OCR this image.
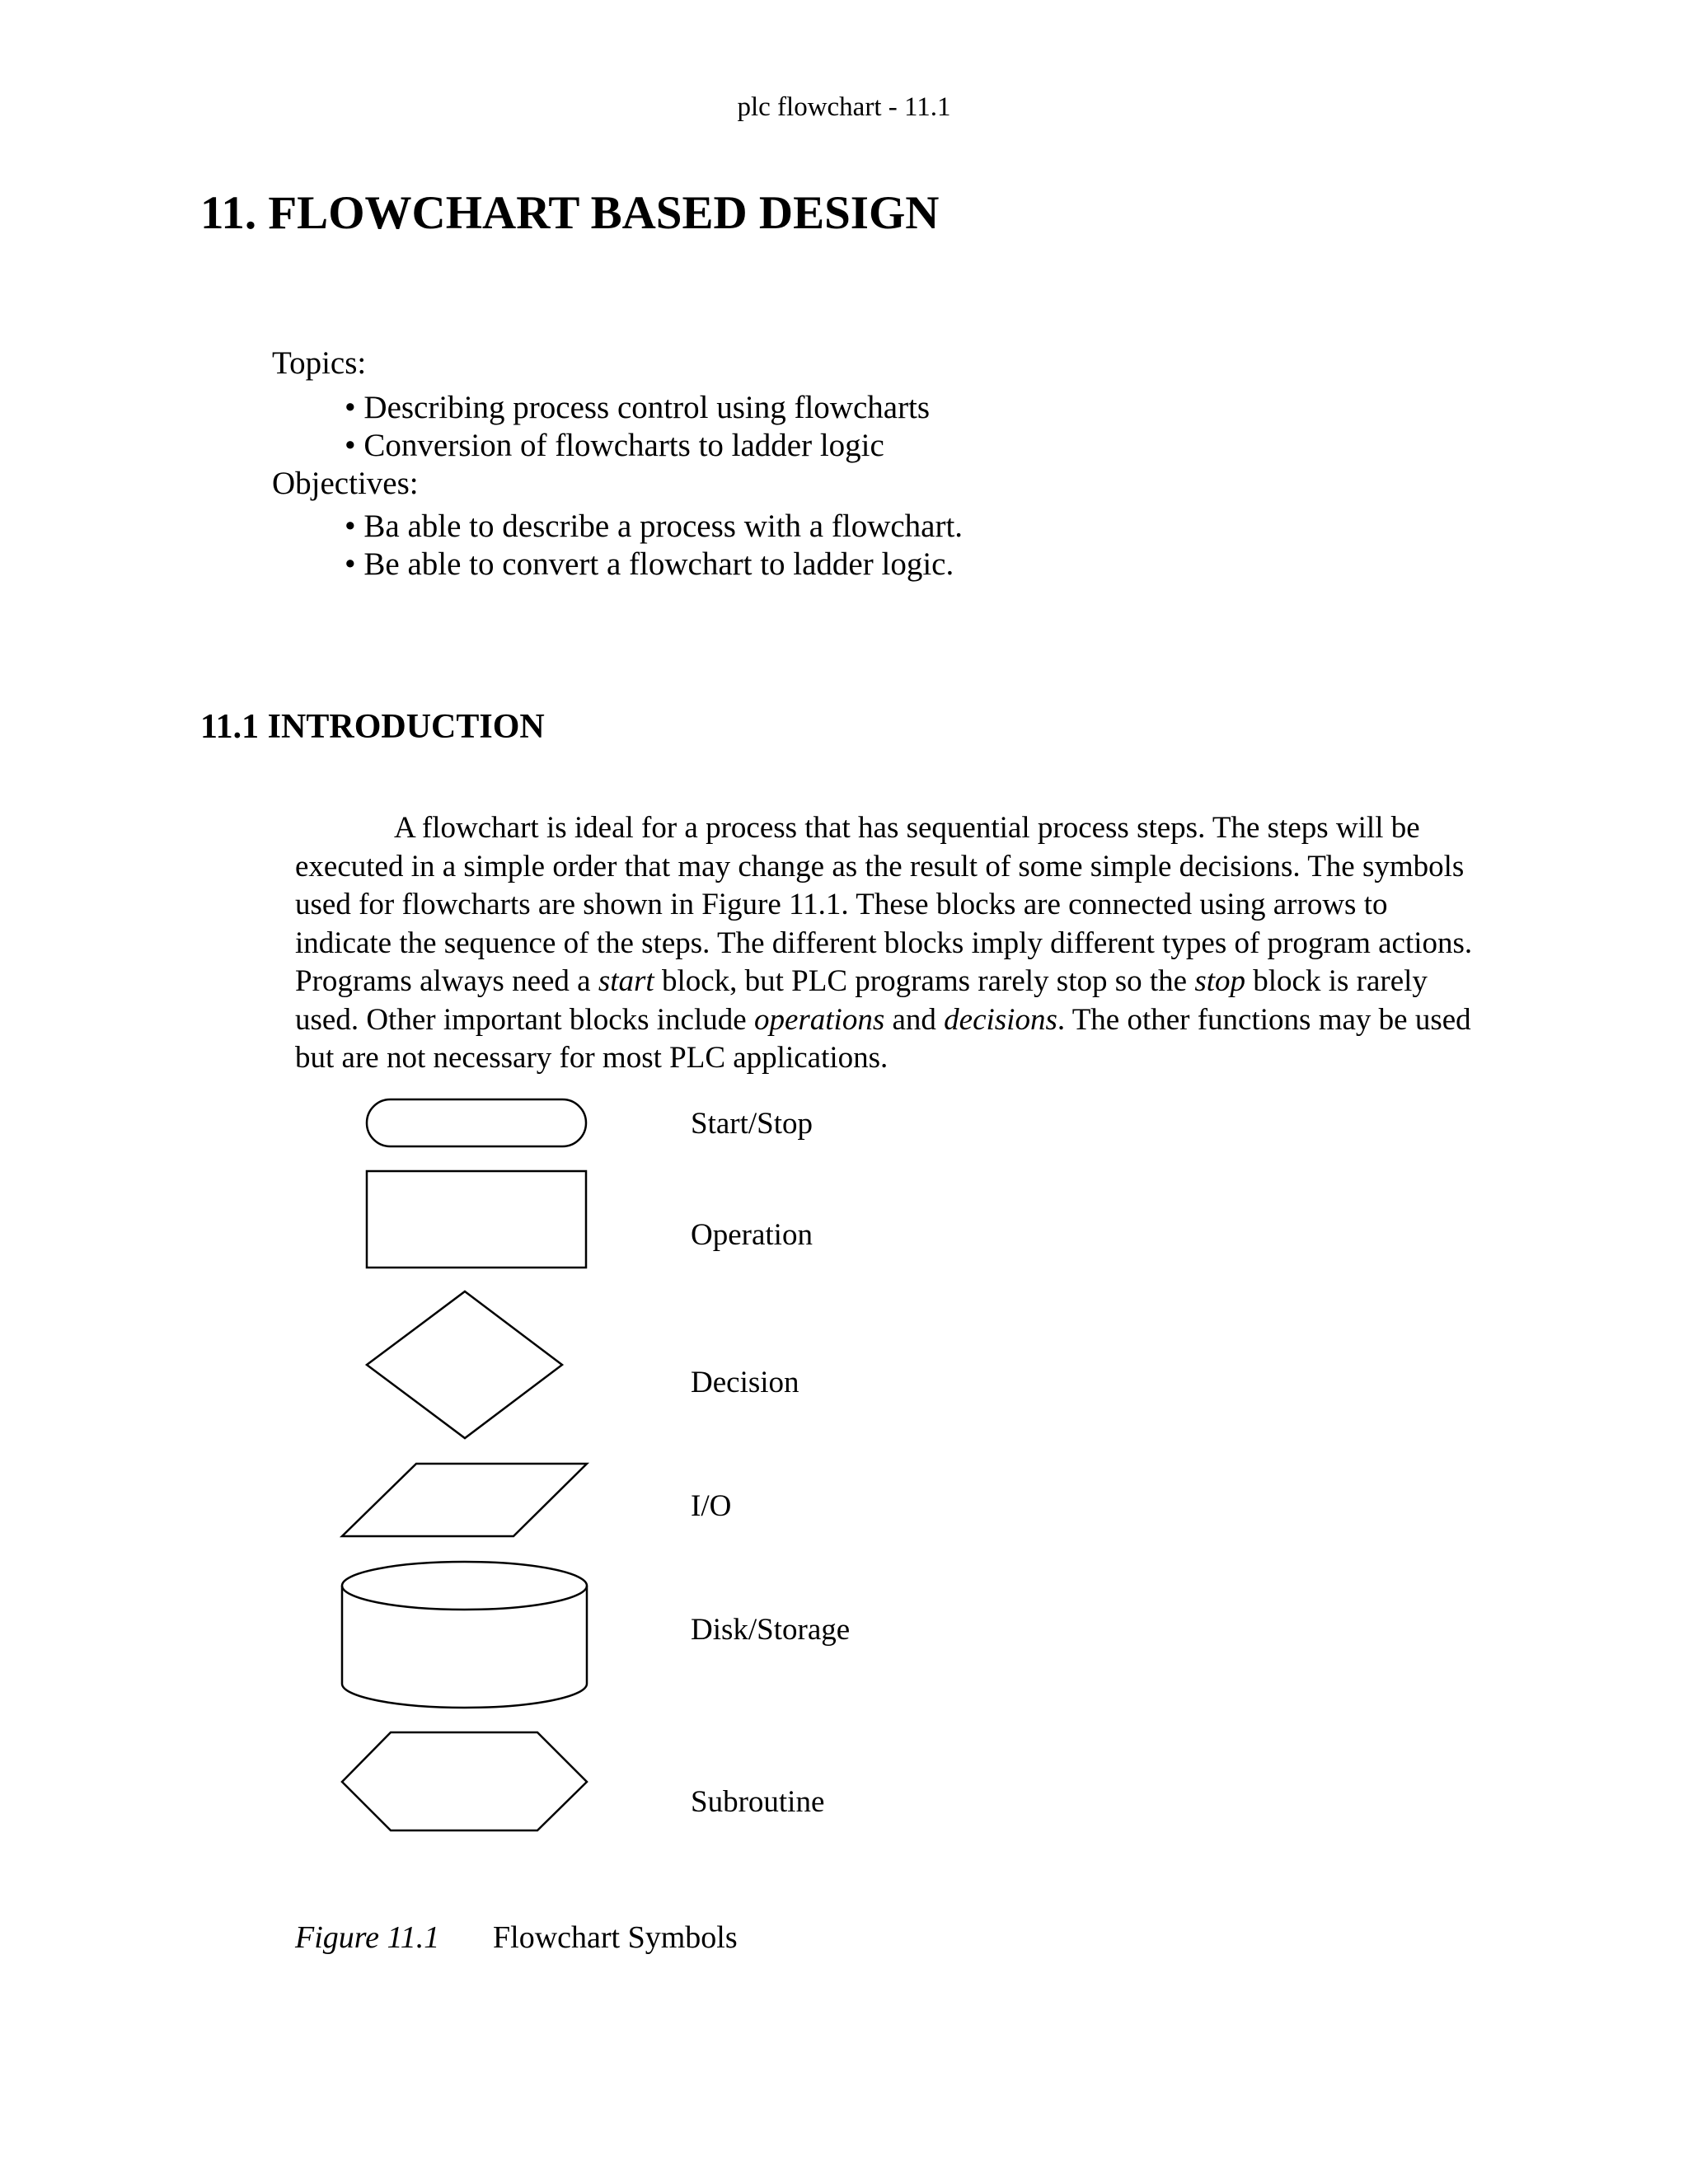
plc flowchart - 11.1
11. FLOWCHART BASED DESIGN
Topics:
• Describing process control using flowcharts
• Conversion of flowcharts to ladder logic
Objectives:
• Ba able to describe a process with a flowchart.
• Be able to convert a flowchart to ladder logic.
11.1 INTRODUCTION

A flowchart is ideal for a process that has sequential process steps. The steps will be executed in a simple order that may change as the result of some simple decisions. The symbols used for flowcharts are shown in Figure 11.1. These blocks are connected using arrows to indicate the sequence of the steps. The different blocks imply different types of program actions. Programs always need a start block, but PLC programs rarely stop so the stop block is rarely used. Other important blocks include operations and decisions. The other functions may be used but are not necessary for most PLC applications.

Start/Stop
Operation
Decision
I/O
Disk/Storage
Subroutine
Figure 11.1 Flowchart Symbols
